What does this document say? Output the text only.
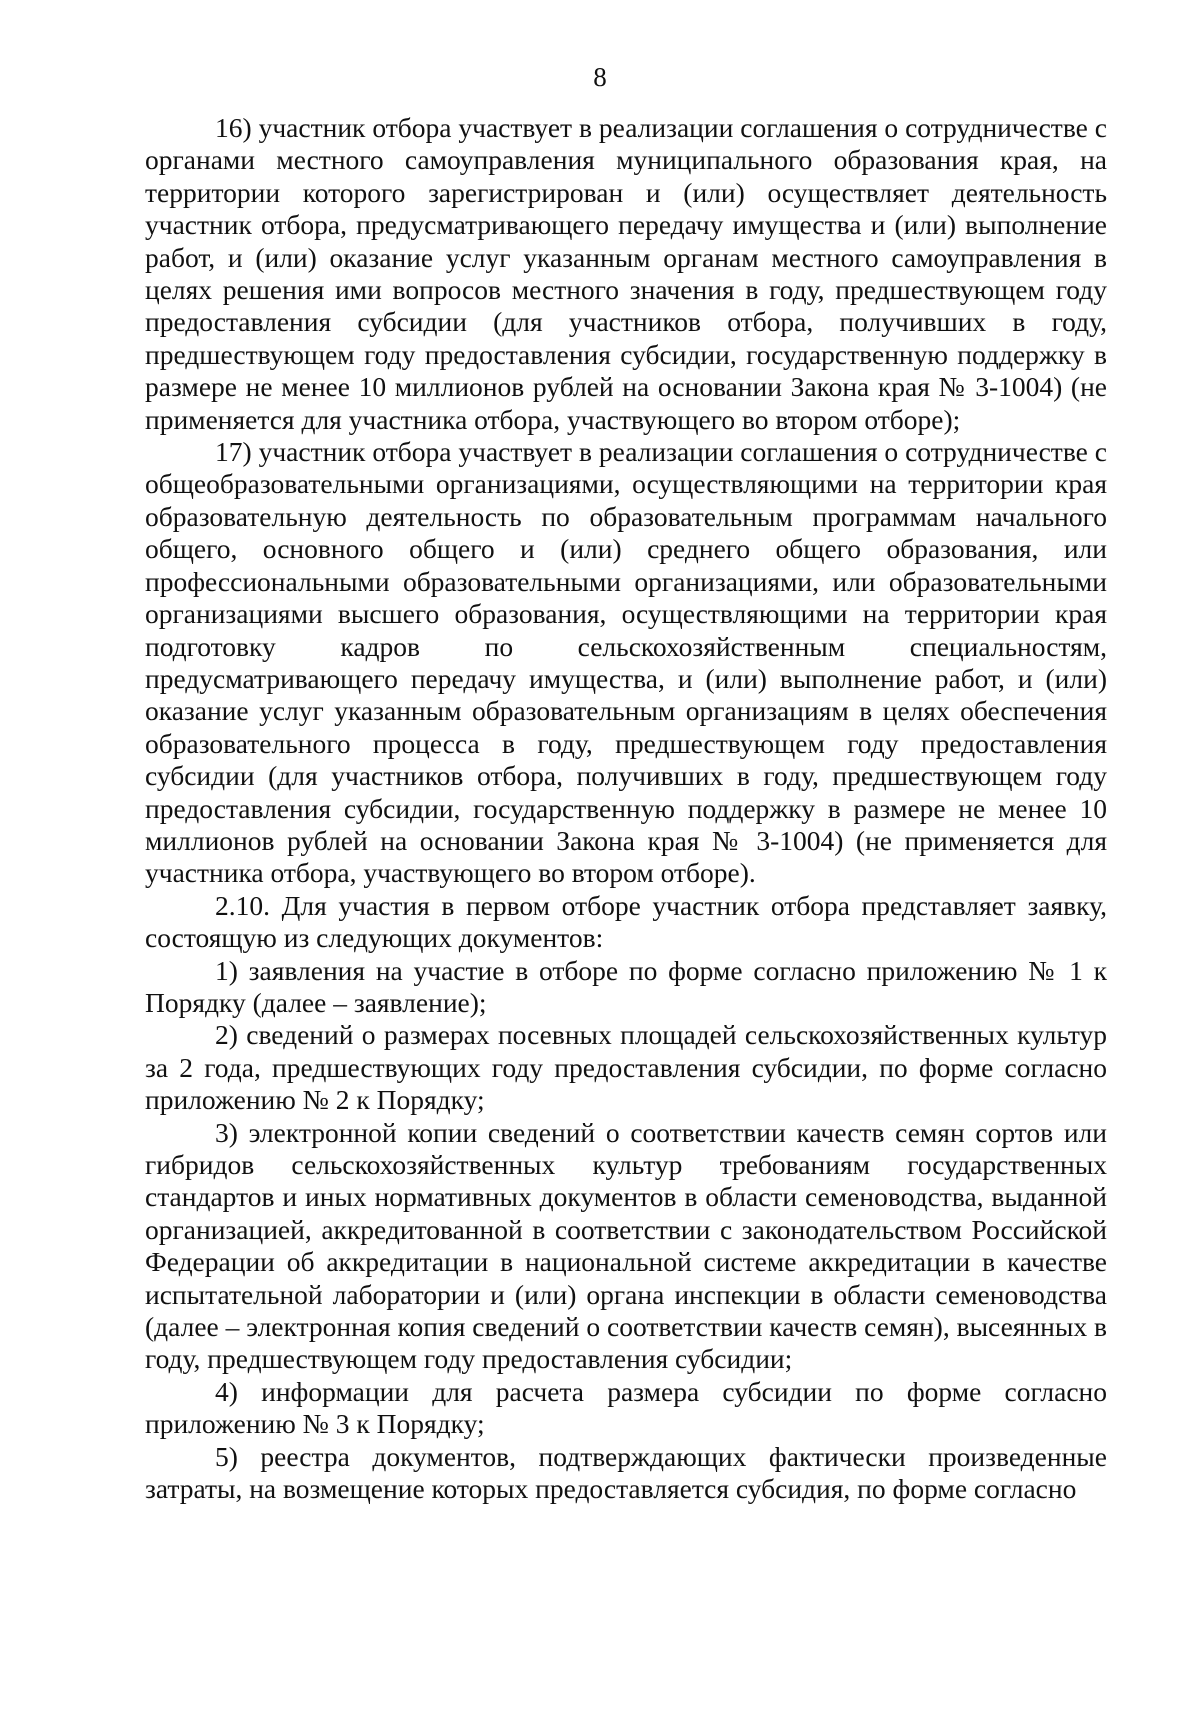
8

16) участник отбора участвует в реализации соглашения о сотрудничестве с органами местного самоуправления муниципального образования края, на территории которого зарегистрирован и (или) осуществляет деятельность участник отбора, предусматривающего передачу имущества и (или) выполнение работ, и (или) оказание услуг указанным органам местного самоуправления в целях решения ими вопросов местного значения в году, предшествующем году предоставления субсидии (для участников отбора, получивших в году, предшествующем году предоставления субсидии, государственную поддержку в размере не менее 10 миллионов рублей на основании Закона края № 3-1004) (не применяется для участника отбора, участвующего во втором отборе);

17) участник отбора участвует в реализации соглашения о сотрудничестве с общеобразовательными организациями, осуществляющими на территории края образовательную деятельность по образовательным программам начального общего, основного общего и (или) среднего общего образования, или профессиональными образовательными организациями, или образовательными организациями высшего образования, осуществляющими на территории края подготовку кадров по сельскохозяйственным специальностям, предусматривающего передачу имущества, и (или) выполнение работ, и (или) оказание услуг указанным образовательным организациям в целях обеспечения образовательного процесса в году, предшествующем году предоставления субсидии (для участников отбора, получивших в году, предшествующем году предоставления субсидии, государственную поддержку в размере не менее 10 миллионов рублей на основании Закона края № 3-1004) (не применяется для участника отбора, участвующего во втором отборе).

2.10. Для участия в первом отборе участник отбора представляет заявку, состоящую из следующих документов:

1) заявления на участие в отборе по форме согласно приложению № 1 к Порядку (далее – заявление);

2) сведений о размерах посевных площадей сельскохозяйственных культур за 2 года, предшествующих году предоставления субсидии, по форме согласно приложению № 2 к Порядку;

3) электронной копии сведений о соответствии качеств семян сортов или гибридов сельскохозяйственных культур требованиям государственных стандартов и иных нормативных документов в области семеноводства, выданной организацией, аккредитованной в соответствии с законодательством Российской Федерации об аккредитации в национальной системе аккредитации в качестве испытательной лаборатории и (или) органа инспекции в области семеноводства (далее – электронная копия сведений о соответствии качеств семян), высеянных в году, предшествующем году предоставления субсидии;

4) информации для расчета размера субсидии по форме согласно приложению № 3 к Порядку;

5) реестра документов, подтверждающих фактически произведенные затраты, на возмещение которых предоставляется субсидия, по форме согласно
